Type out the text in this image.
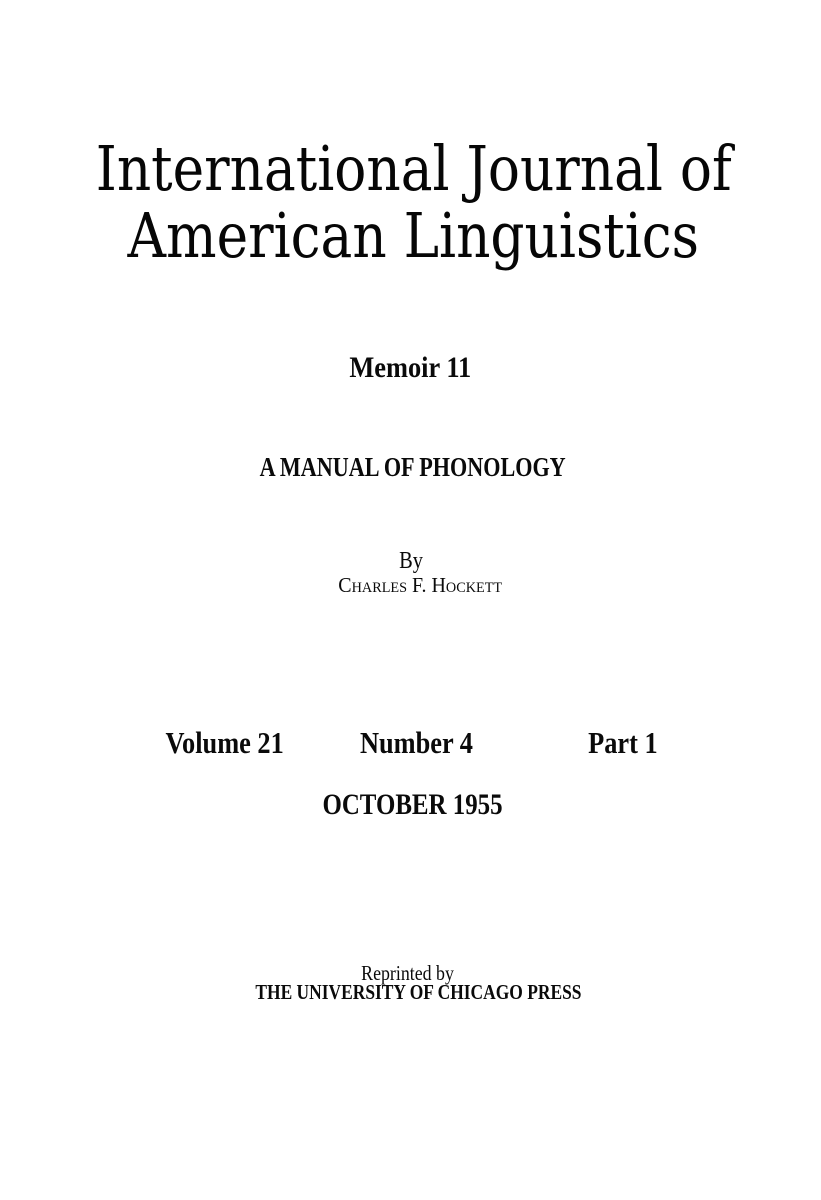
International Journal of
American Linguistics
Memoir 11
A MANUAL OF PHONOLOGY
By
Charles F. Hockett
Volume 21	Number 4	Part 1
OCTOBER 1955
Reprinted by
THE UNIVERSITY OF CHICAGO PRESS
